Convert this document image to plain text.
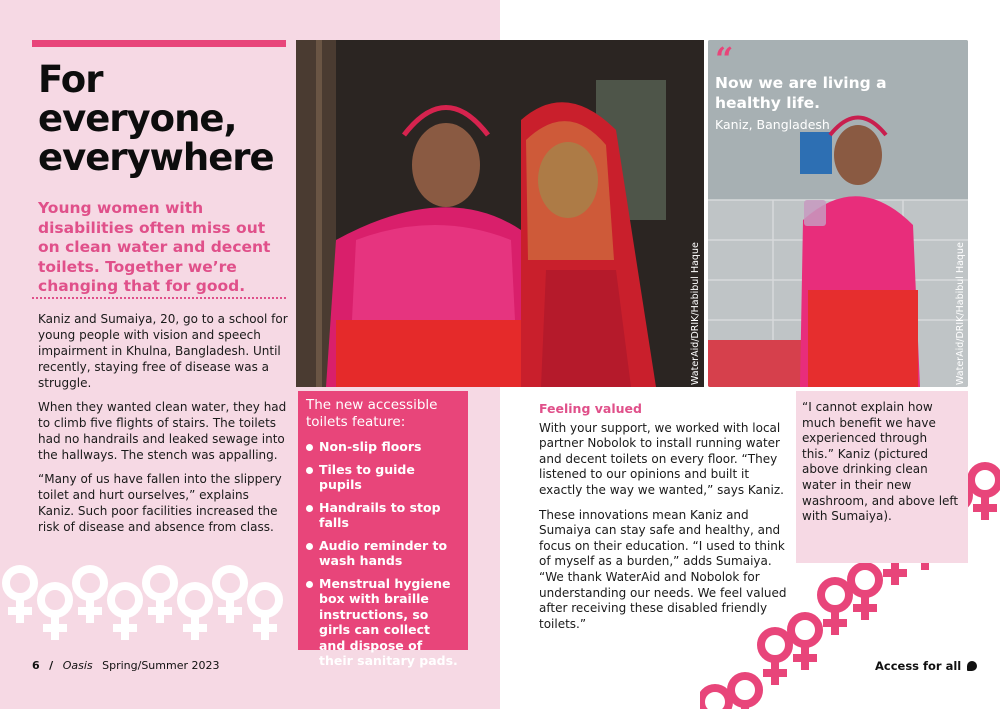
For everyone, everywhere
Young women with disabilities often miss out on clean water and decent toilets. Together we’re changing that for good.

Kaniz and Sumaiya, 20, go to a school for young people with vision and speech impairment in Khulna, Bangladesh. Until recently, staying free of disease was a struggle.

When they wanted clean water, they had to climb five flights of stairs. The toilets had no handrails and leaked sewage into the hallways. The stench was appalling.

“Many of us have fallen into the slippery toilet and hurt ourselves,” explains Kaniz. Such poor facilities increased the risk of disease and absence from class.

6 / Oasis Spring/Summer 2023
WaterAid/DRIK/Habibul Haque	WaterAid/DRIK/Habibul Haque
“
Now we are living a healthy life.
Kaniz, Bangladesh
The new accessible toilets feature:
Non-slip floors
Tiles to guide pupils
Handrails to stop falls
Audio reminder to wash hands
Menstrual hygiene box with braille instructions, so girls can collect and dispose of their sanitary pads.
Feeling valued

With your support, we worked with local partner Nobolok to install running water and decent toilets on every floor. “They listened to our opinions and built it exactly the way we wanted,” says Kaniz.

These innovations mean Kaniz and Sumaiya can stay safe and healthy, and focus on their education. “I used to think of myself as a burden,” adds Sumaiya. “We thank WaterAid and Nobolok for understanding our needs. We feel valued after receiving these disabled friendly toilets.”

“I cannot explain how much benefit we have experienced through this.” Kaniz (pictured above drinking clean water in their new washroom, and above left with Sumaiya).
Access for all
